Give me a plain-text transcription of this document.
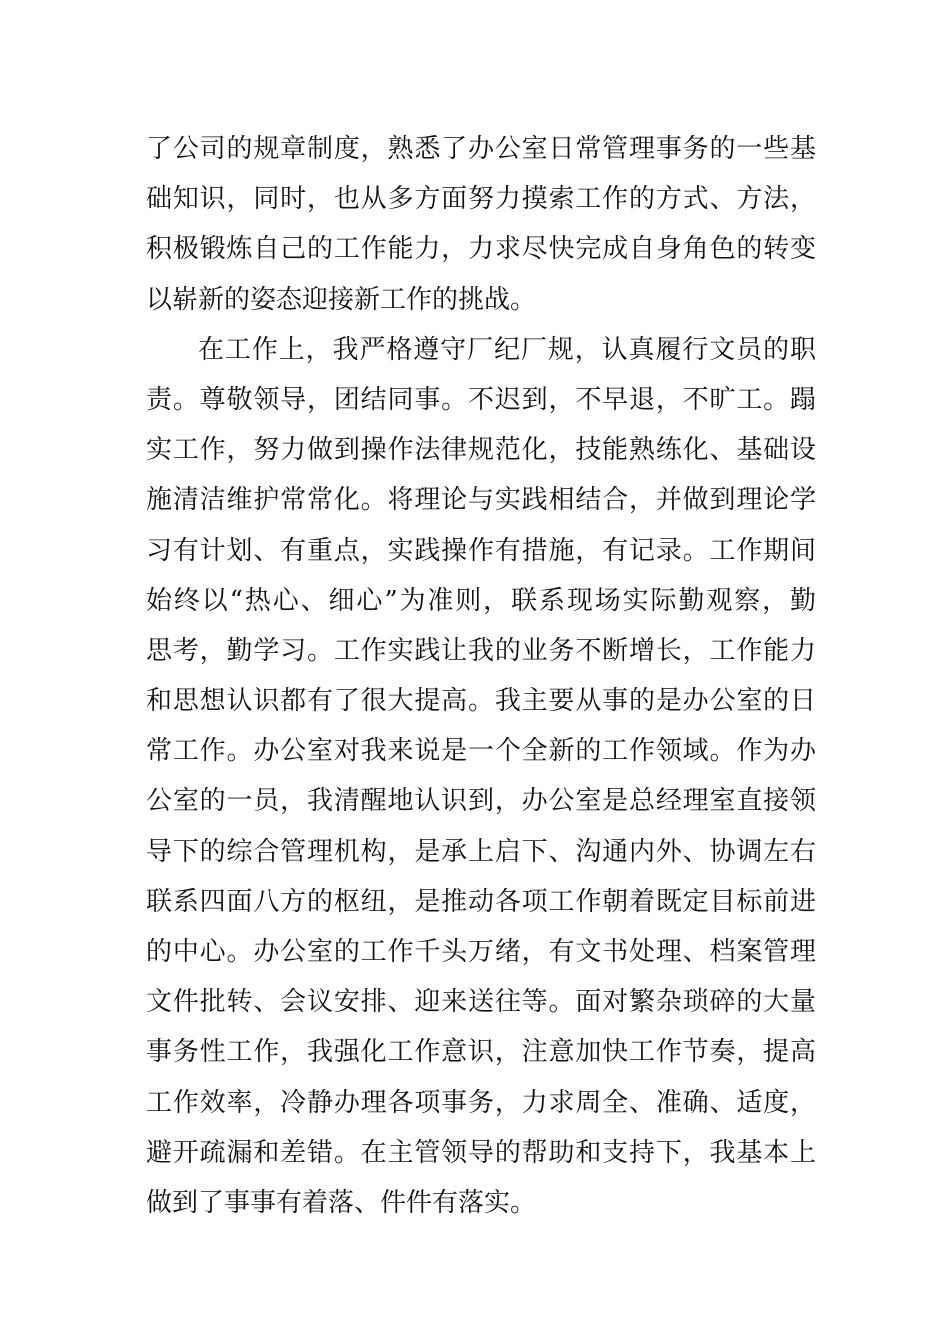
了公司的规章制度，熟悉了办公室日常管理事务的一些基
础知识，同时，也从多方面努力摸索工作的方式、方法，
积极锻炼自己的工作能力，力求尽快完成自身角色的转变
以崭新的姿态迎接新工作的挑战。
在工作上，我严格遵守厂纪厂规，认真履行文员的职
责。尊敬领导，团结同事。不迟到，不早退，不旷工。蹋
实工作，努力做到操作法律规范化，技能熟练化、基础设
施清洁维护常常化。将理论与实践相结合，并做到理论学
习有计划、有重点，实践操作有措施，有记录。工作期间
始终以“热心、细心”为准则，联系现场实际勤观察，勤
思考，勤学习。工作实践让我的业务不断增长，工作能力
和思想认识都有了很大提高。我主要从事的是办公室的日
常工作。办公室对我来说是一个全新的工作领域。作为办
公室的一员，我清醒地认识到，办公室是总经理室直接领
导下的综合管理机构，是承上启下、沟通内外、协调左右
联系四面八方的枢纽，是推动各项工作朝着既定目标前进
的中心。办公室的工作千头万绪，有文书处理、档案管理
文件批转、会议安排、迎来送往等。面对繁杂琐碎的大量
事务性工作，我强化工作意识，注意加快工作节奏，提高
工作效率，冷静办理各项事务，力求周全、准确、适度，
避开疏漏和差错。在主管领导的帮助和支持下，我基本上
做到了事事有着落、件件有落实。
